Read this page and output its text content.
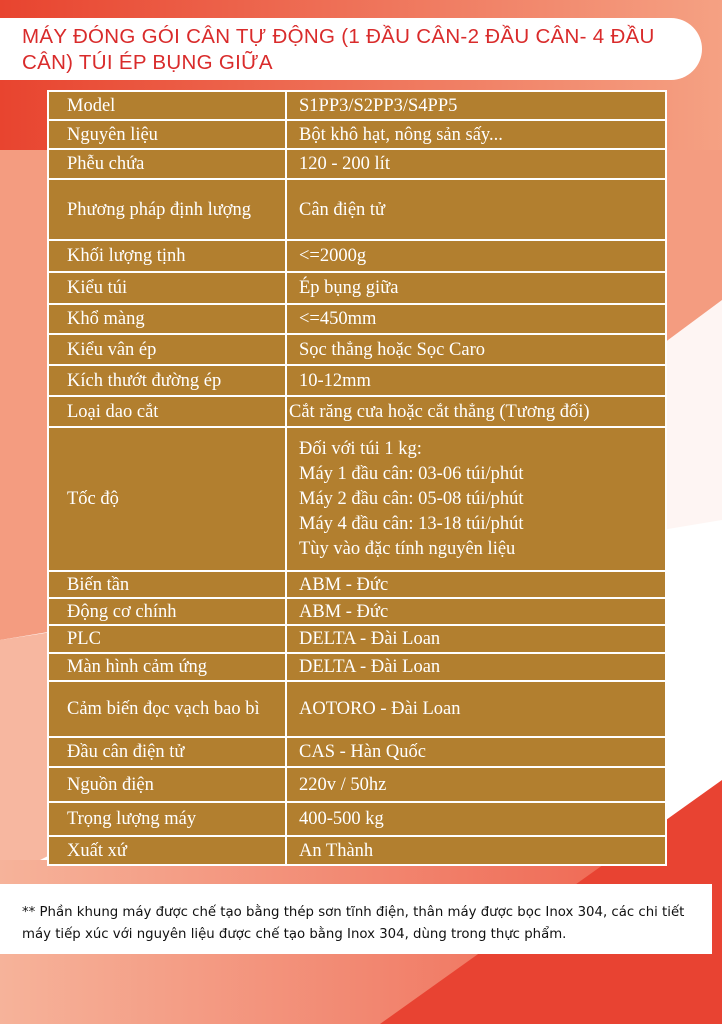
MÁY ĐÓNG GÓI CÂN TỰ ĐỘNG (1 ĐẦU CÂN-2 ĐẦU CÂN- 4 ĐẦU CÂN) TÚI ÉP BỤNG GIỮA
Model	S1PP3/S2PP3/S4PP5
Nguyên liệu	Bột khô hạt, nông sản sấy...
Phễu chứa	120 - 200 lít
Phương pháp định lượng	Cân điện tử
Khối lượng tịnh	<=2000g
Kiểu túi	Ép bụng giữa
Khổ màng	<=450mm
Kiểu vân ép	Sọc thẳng hoặc Sọc Caro
Kích thướt đường ép	10-12mm
Loại dao cắt	Cắt răng cưa hoặc cắt thẳng (Tương đối)
Tốc độ	Đối với túi 1 kg:
Máy 1 đầu cân: 03-06 túi/phút
Máy 2 đầu cân: 05-08 túi/phút
Máy 4 đầu cân: 13-18 túi/phút
Tùy vào đặc tính nguyên liệu

Biến tần	ABM - Đức
Động cơ chính	ABM - Đức
PLC	DELTA - Đài Loan
Màn hình cảm ứng	DELTA - Đài Loan
Cảm biến đọc vạch bao bì	AOTORO - Đài Loan
Đầu cân điện tử	CAS - Hàn Quốc
Nguồn điện	220v / 50hz
Trọng lượng máy	400-500 kg
Xuất xứ	An Thành

** Phần khung máy được chế tạo bằng thép sơn tĩnh điện, thân máy được bọc Inox 304, các chi tiết máy tiếp xúc với nguyên liệu được chế tạo bằng Inox 304, dùng trong thực phẩm.
